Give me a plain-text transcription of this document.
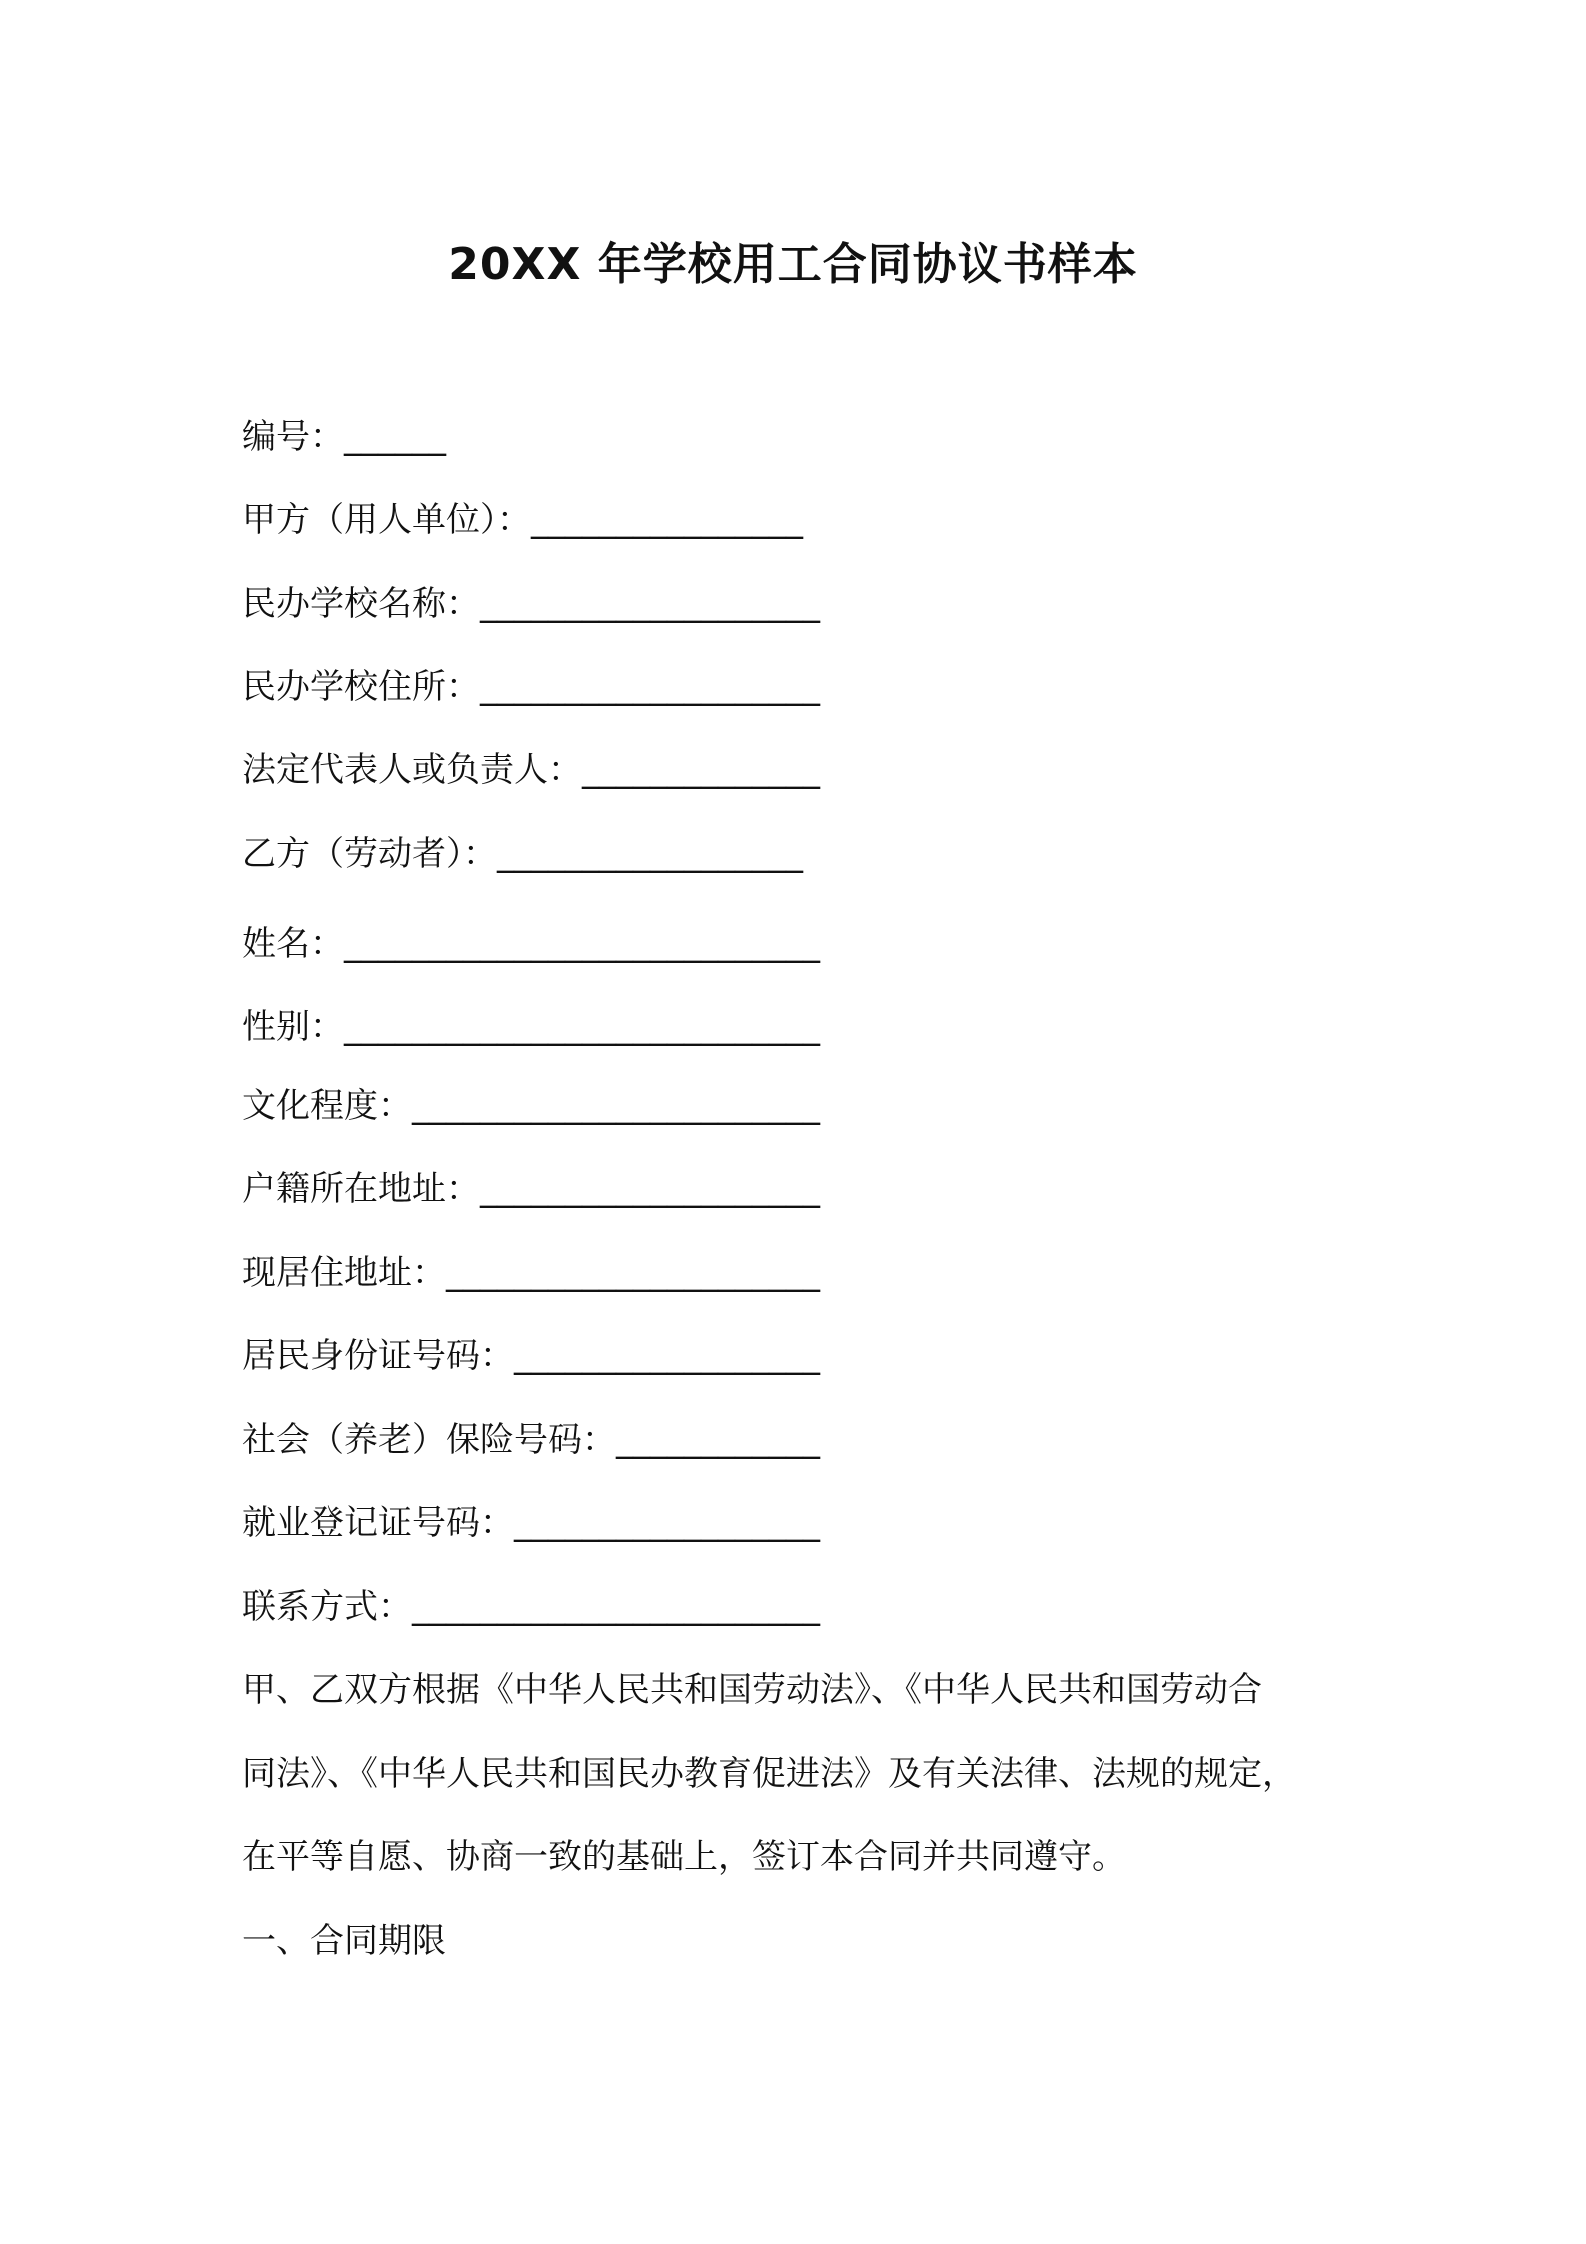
20XX 年学校用工合同协议书样本
编号：______
甲方（用人单位）：________________
民办学校名称：____________________
民办学校住所：____________________
法定代表人或负责人：______________
乙方（劳动者）：__________________
姓名：____________________________
性别：____________________________
文化程度：________________________
户籍所在地址：____________________
现居住地址：______________________
居民身份证号码：__________________
社会（养老）保险号码：____________
就业登记证号码：__________________
联系方式：________________________
甲、乙双方根据《中华人民共和国劳动法》、《中华人民共和国劳动合
同法》、《中华人民共和国民办教育促进法》及有关法律、法规的规定，
在平等自愿、协商一致的基础上，签订本合同并共同遵守。
一、合同期限
